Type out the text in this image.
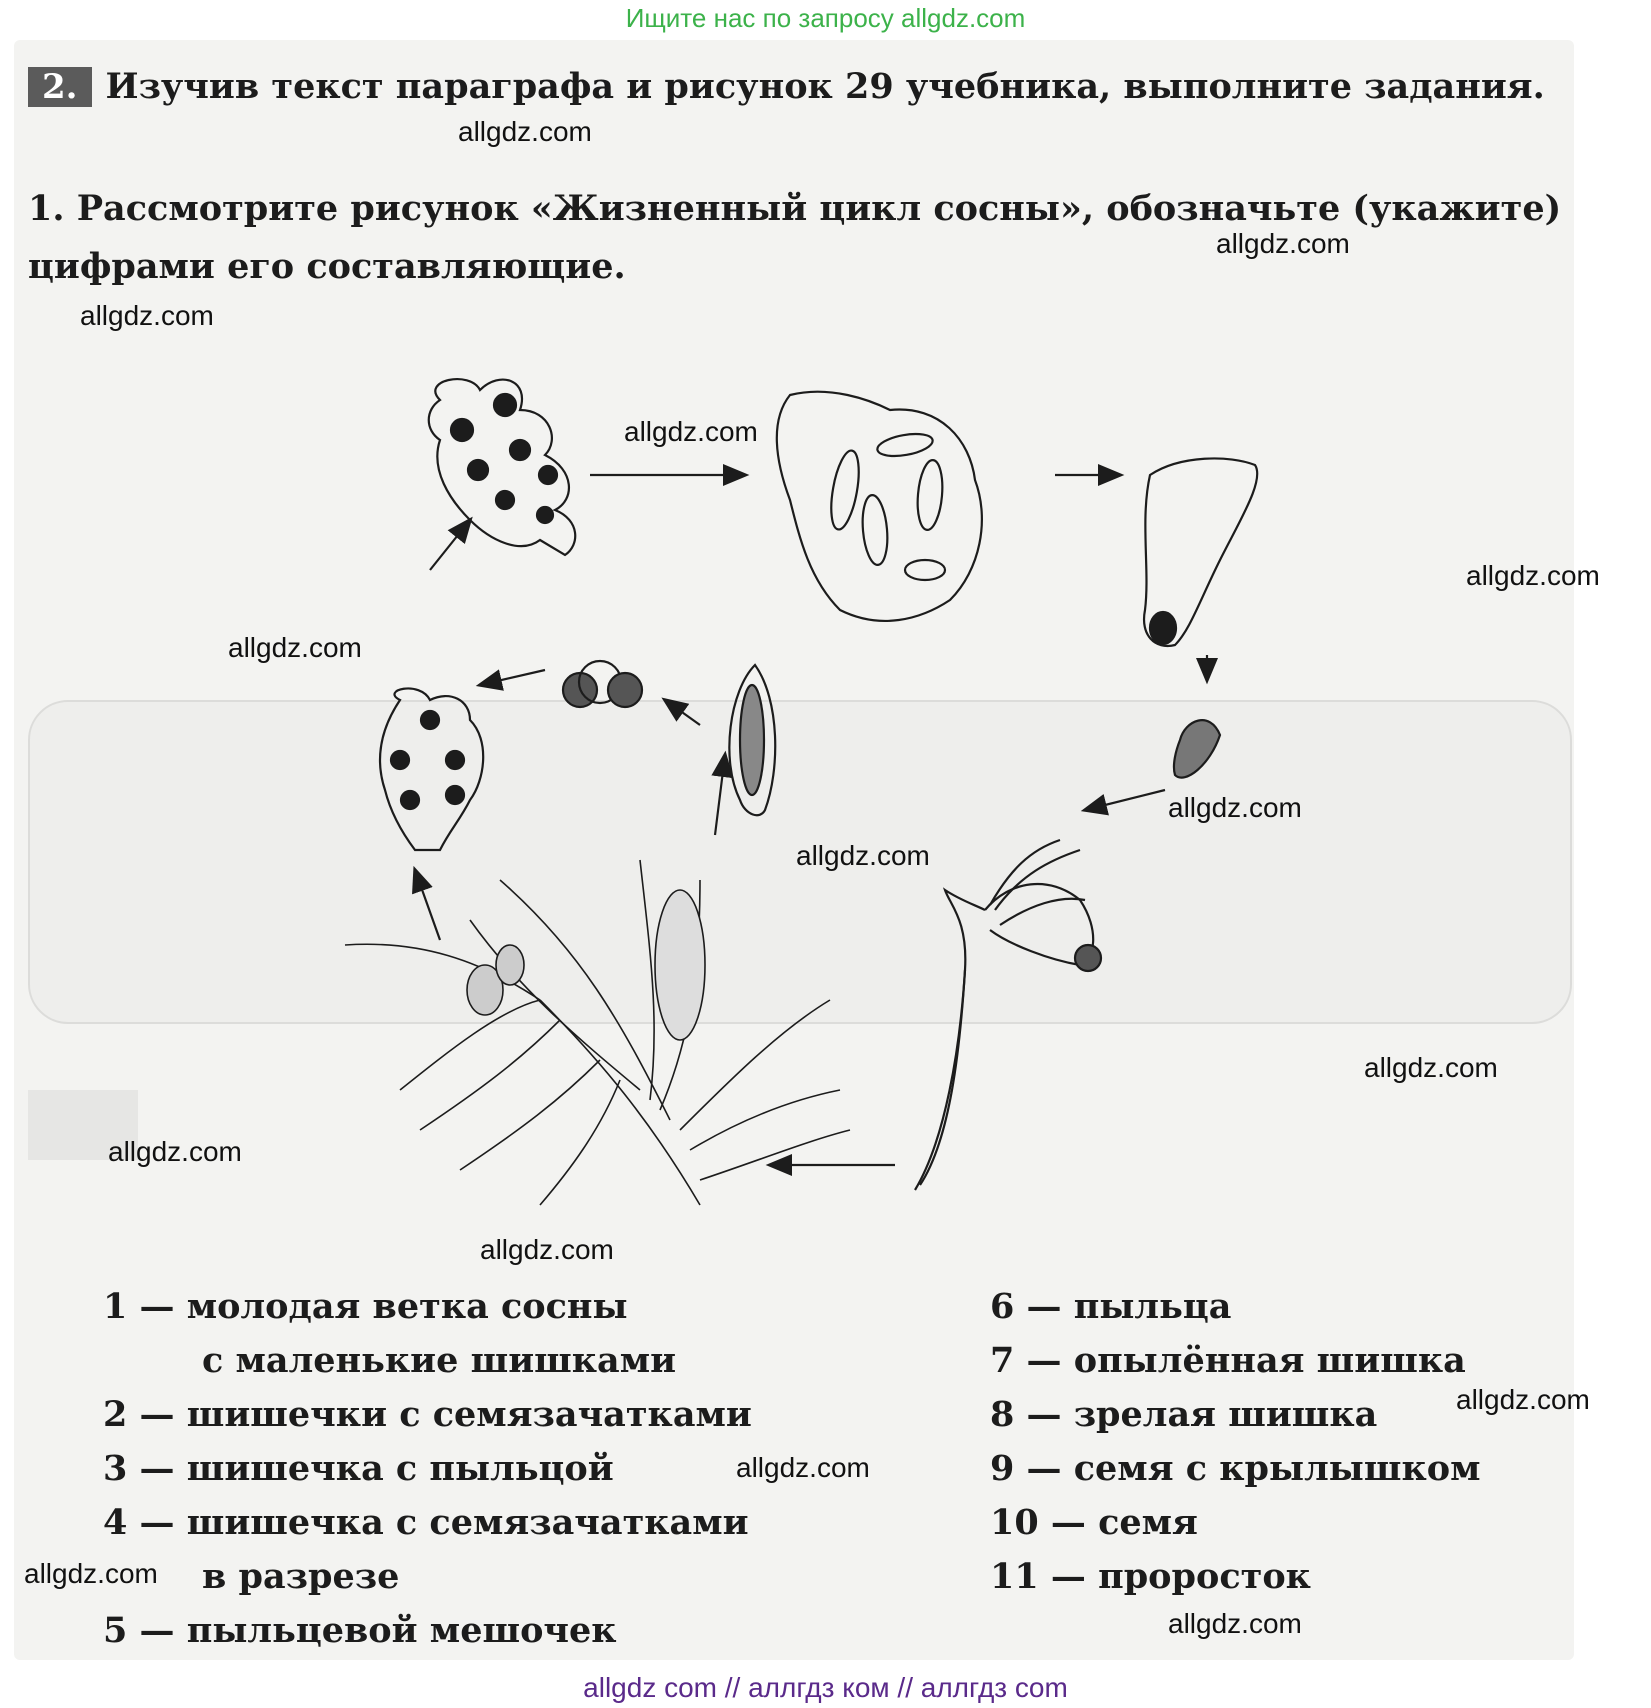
Ищите нас по запросу allgdz.com
2. Изучив текст параграфа и рисунок 29 учебника, выполните задания.
1. Рассмотрите рисунок «Жизненный цикл сосны», обозначьте (укажите) цифрами его составляющие.
allgdz.com
allgdz.com
allgdz.com
allgdz.com
allgdz.com
allgdz.com
allgdz.com
allgdz.com
allgdz.com
allgdz.com
allgdz.com
allgdz.com
allgdz.com
allgdz.com
allgdz.com
1 — молодая ветка сосны
с маленькие шишками
2 — шишечки с семязачатками
3 — шишечка с пыльцой
4 — шишечка с семязачатками
в разрезе
5 — пыльцевой мешочек
6 — пыльца
7 — опылённая шишка
8 — зрелая шишка
9 — семя с крылышком
10 — семя
11 — проросток
allgdz com // аллгдз ком // аллгдз com
